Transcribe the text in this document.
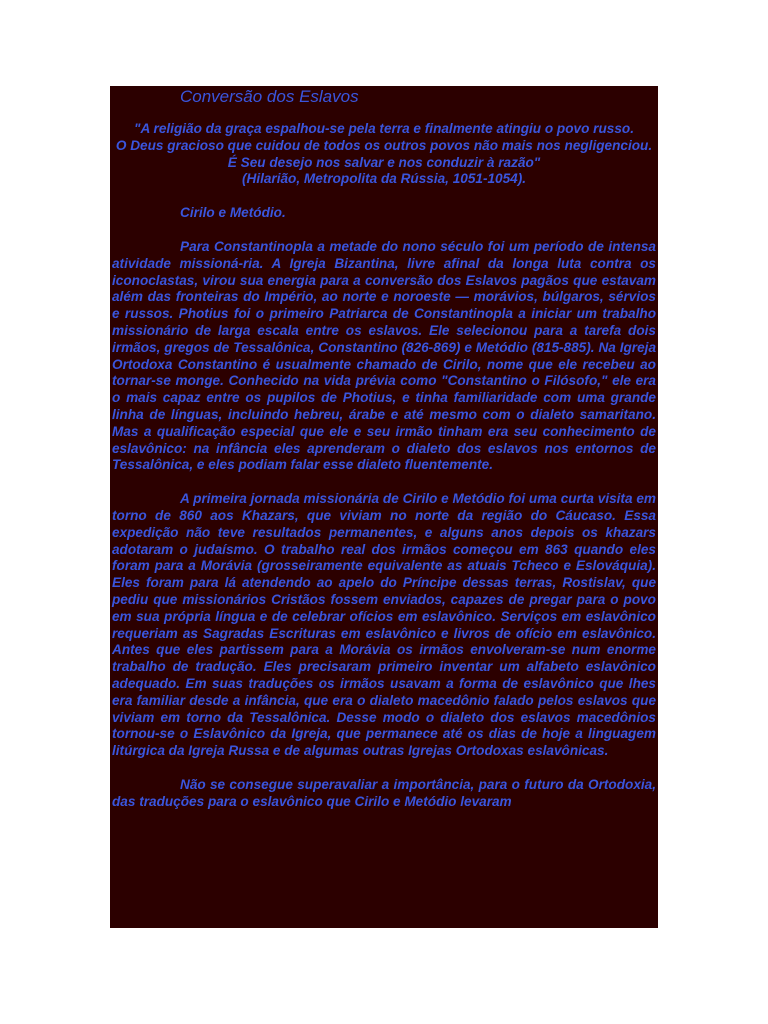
Conversão dos Eslavos

"A religião da graça espalhou-se pela terra e finalmente atingiu o povo russo.

O Deus gracioso que cuidou de todos os outros povos não mais nos negligenciou.

É Seu desejo nos salvar e nos conduzir à razão"

(Hilarião, Metropolita da Rússia, 1051-1054).

Cirilo e Metódio.

Para Constantinopla a metade do nono século foi um período de intensa atividade missioná-ria. A Igreja Bizantina, livre afinal da longa luta contra os iconoclastas, virou sua energia para a conversão dos Eslavos pagãos que estavam além das fronteiras do Império, ao norte e noroeste — morávios, búlgaros, sérvios e russos. Photius foi o primeiro Patriarca de Constantinopla a iniciar um trabalho missionário de larga escala entre os eslavos. Ele selecionou para a tarefa dois irmãos, gregos de Tessalônica, Constantino (826-869) e Metódio (815-885). Na Igreja Ortodoxa Constantino é usualmente chamado de Cirilo, nome que ele recebeu ao tornar-se monge. Conhecido na vida prévia como "Constantino o Filósofo," ele era o mais capaz entre os pupilos de Photius, e tinha familiaridade com uma grande linha de línguas, incluindo hebreu, árabe e até mesmo com o dialeto samaritano. Mas a qualificação especial que ele e seu irmão tinham era seu conhecimento de eslavônico: na infância eles aprenderam o dialeto dos eslavos nos entornos de Tessalônica, e eles podiam falar esse dialeto fluentemente.

A primeira jornada missionária de Cirilo e Metódio foi uma curta visita em torno de 860 aos Khazars, que viviam no norte da região do Cáucaso. Essa expedição não teve resultados permanentes, e alguns anos depois os khazars adotaram o judaísmo. O trabalho real dos irmãos começou em 863 quando eles foram para a Morávia (grosseiramente equivalente as atuais Tcheco e Eslováquia). Eles foram para lá atendendo ao apelo do Príncipe dessas terras, Rostislav, que pediu que missionários Cristãos fossem enviados, capazes de pregar para o povo em sua própria língua e de celebrar ofícios em eslavônico. Serviços em eslavônico requeriam as Sagradas Escrituras em eslavônico e livros de ofício em eslavônico. Antes que eles partissem para a Morávia os irmãos envolveram-se num enorme trabalho de tradução. Eles precisaram primeiro inventar um alfabeto eslavônico adequado. Em suas traduções os irmãos usavam a forma de eslavônico que lhes era familiar desde a infância, que era o dialeto macedônio falado pelos eslavos que viviam em torno da Tessalônica. Desse modo o dialeto dos eslavos macedônios tornou-se o Eslavônico da Igreja, que permanece até os dias de hoje a linguagem litúrgica da Igreja Russa e de algumas outras Igrejas Ortodoxas eslavônicas.

Não se consegue superavaliar a importância, para o futuro da Ortodoxia, das traduções para o eslavônico que Cirilo e Metódio levaram
